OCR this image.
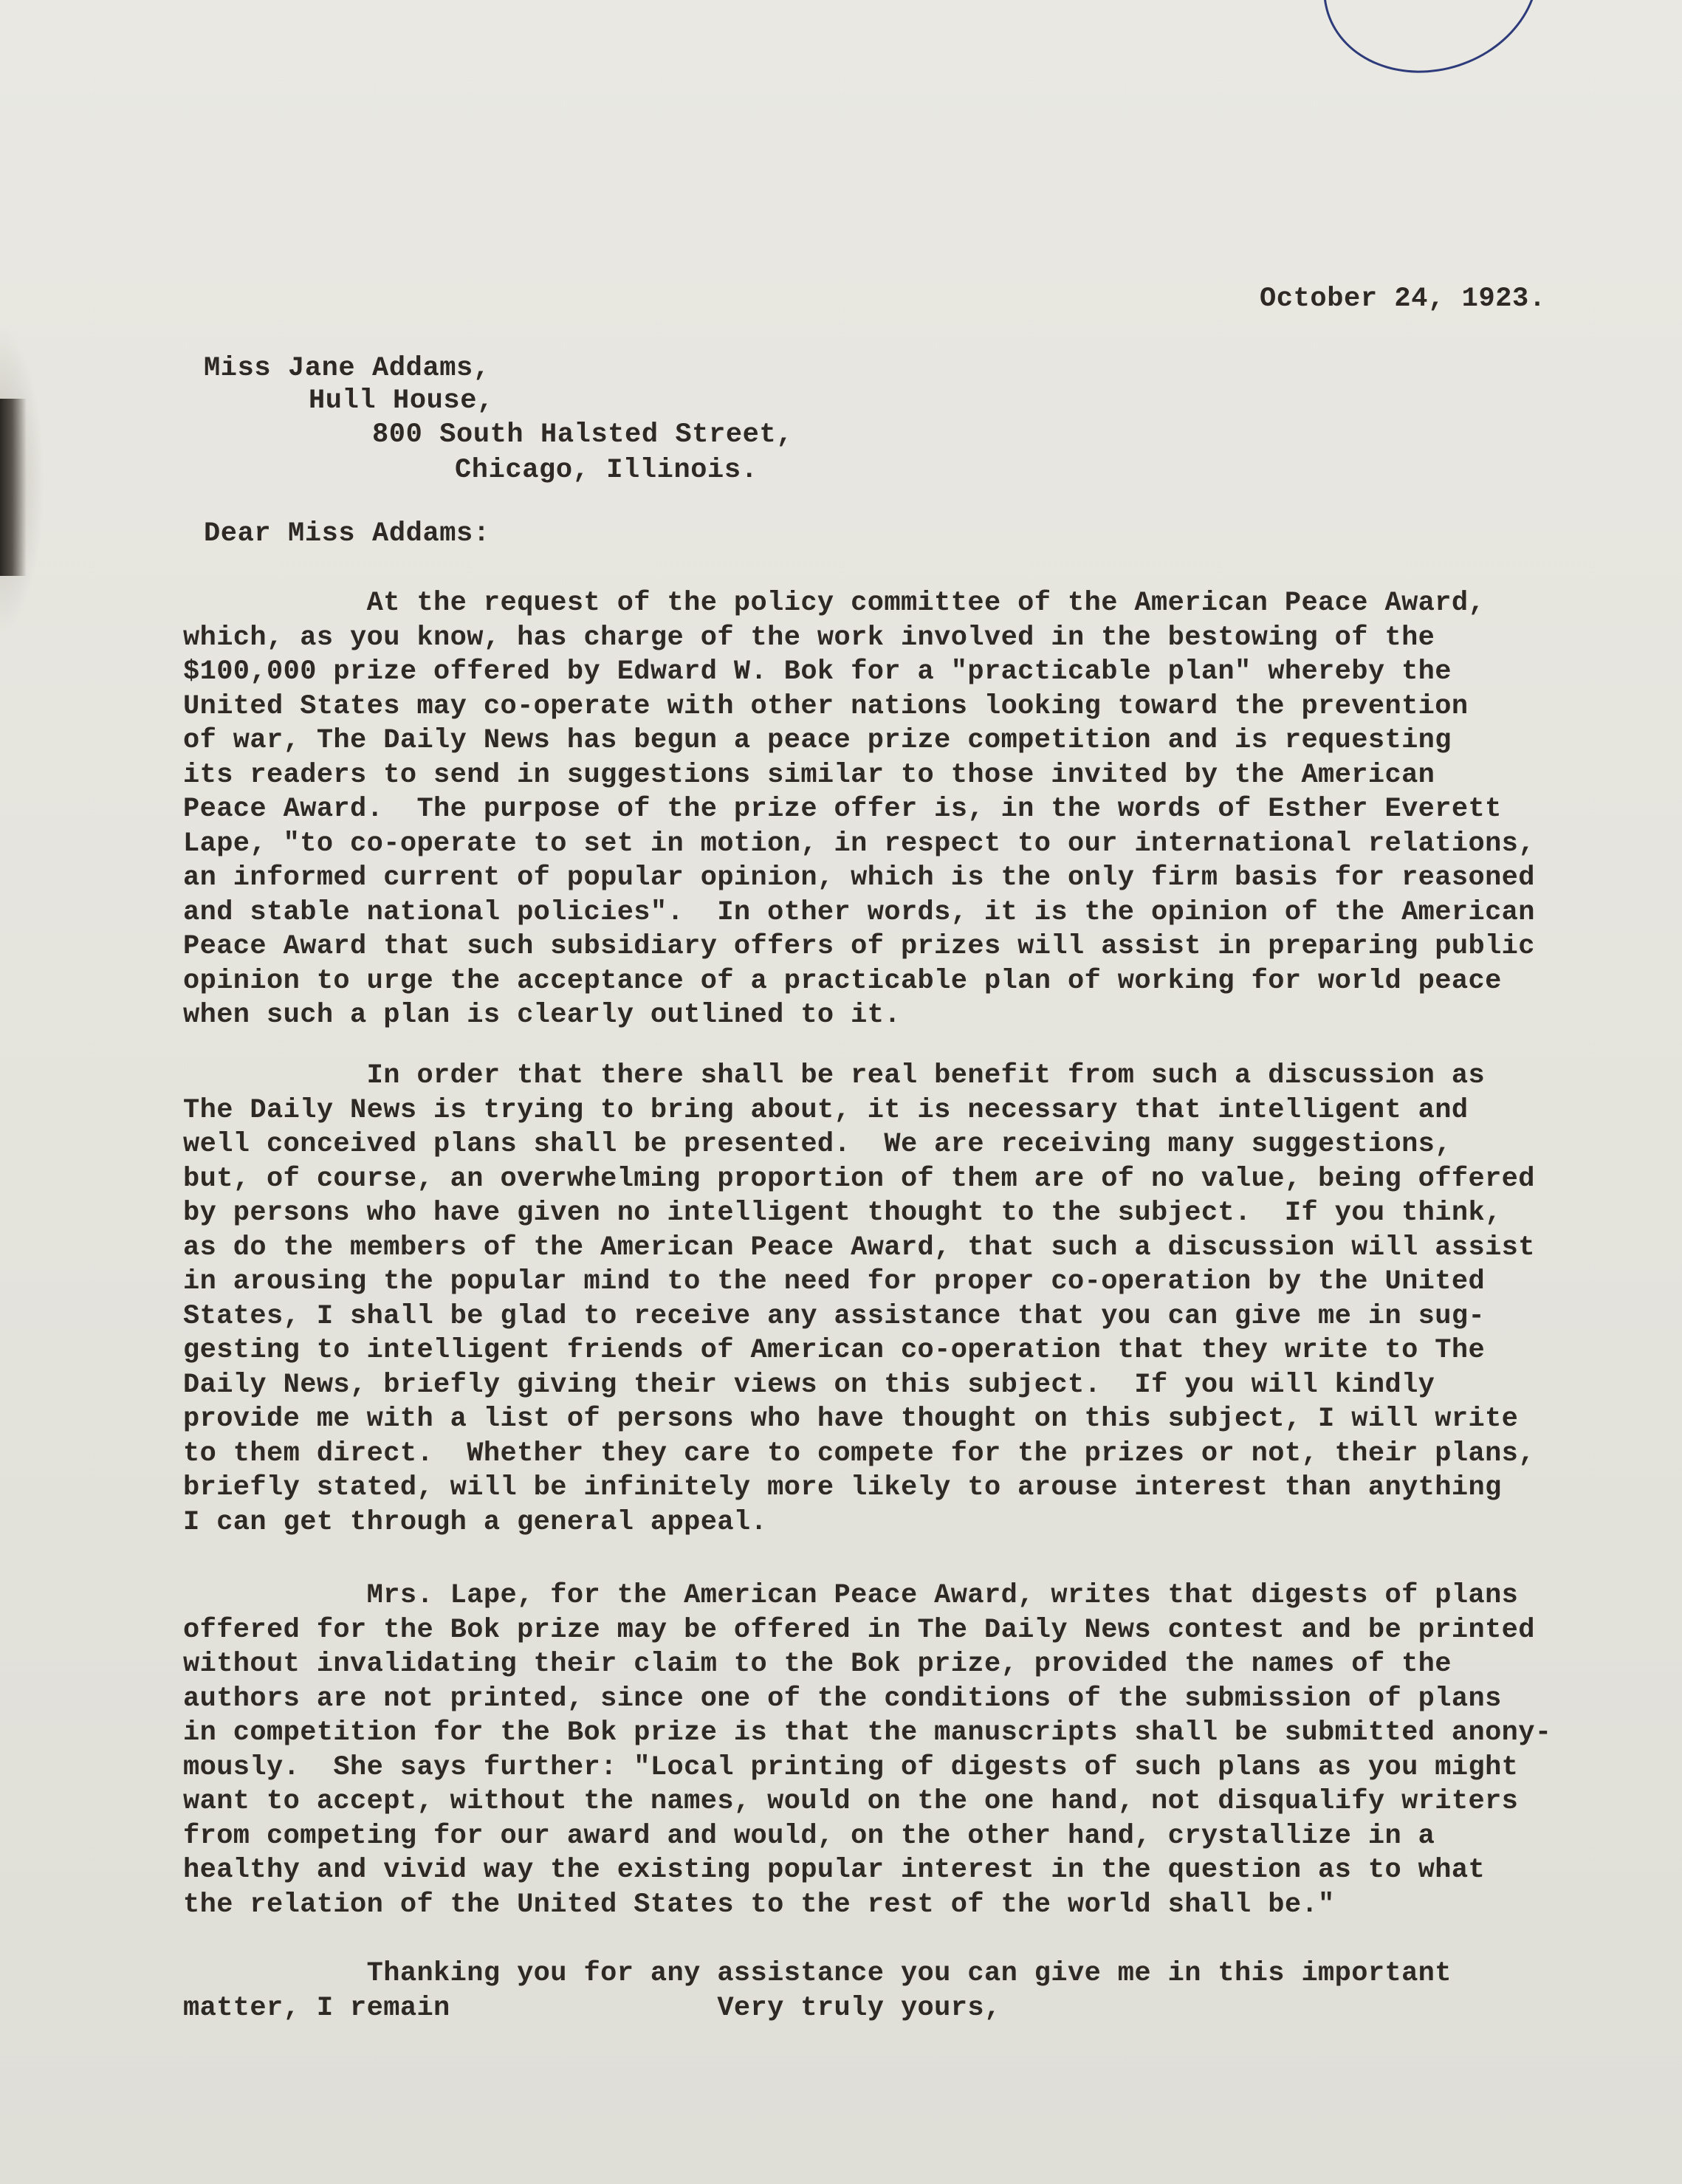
October 24, 1923.
Miss Jane Addams,
Hull House,
800 South Halsted Street,
Chicago, Illinois.
Dear Miss Addams:
At the request of the policy committee of the American Peace Award,
which, as you know, has charge of the work involved in the bestowing of the
$100,000 prize offered by Edward W. Bok for a "practicable plan" whereby the
United States may co-operate with other nations looking toward the prevention
of war, The Daily News has begun a peace prize competition and is requesting
its readers to send in suggestions similar to those invited by the American
Peace Award.  The purpose of the prize offer is, in the words of Esther Everett
Lape, "to co-operate to set in motion, in respect to our international relations,
an informed current of popular opinion, which is the only firm basis for reasoned
and stable national policies".  In other words, it is the opinion of the American
Peace Award that such subsidiary offers of prizes will assist in preparing public
opinion to urge the acceptance of a practicable plan of working for world peace
when such a plan is clearly outlined to it.
In order that there shall be real benefit from such a discussion as
The Daily News is trying to bring about, it is necessary that intelligent and
well conceived plans shall be presented.  We are receiving many suggestions,
but, of course, an overwhelming proportion of them are of no value, being offered
by persons who have given no intelligent thought to the subject.  If you think,
as do the members of the American Peace Award, that such a discussion will assist
in arousing the popular mind to the need for proper co-operation by the United
States, I shall be glad to receive any assistance that you can give me in sug-
gesting to intelligent friends of American co-operation that they write to The
Daily News, briefly giving their views on this subject.  If you will kindly
provide me with a list of persons who have thought on this subject, I will write
to them direct.  Whether they care to compete for the prizes or not, their plans,
briefly stated, will be infinitely more likely to arouse interest than anything
I can get through a general appeal.
Mrs. Lape, for the American Peace Award, writes that digests of plans
offered for the Bok prize may be offered in The Daily News contest and be printed
without invalidating their claim to the Bok prize, provided the names of the
authors are not printed, since one of the conditions of the submission of plans
in competition for the Bok prize is that the manuscripts shall be submitted anony-
mously.  She says further: "Local printing of digests of such plans as you might
want to accept, without the names, would on the one hand, not disqualify writers
from competing for our award and would, on the other hand, crystallize in a
healthy and vivid way the existing popular interest in the question as to what
the relation of the United States to the rest of the world shall be."
Thanking you for any assistance you can give me in this important
matter, I remain                Very truly yours,
